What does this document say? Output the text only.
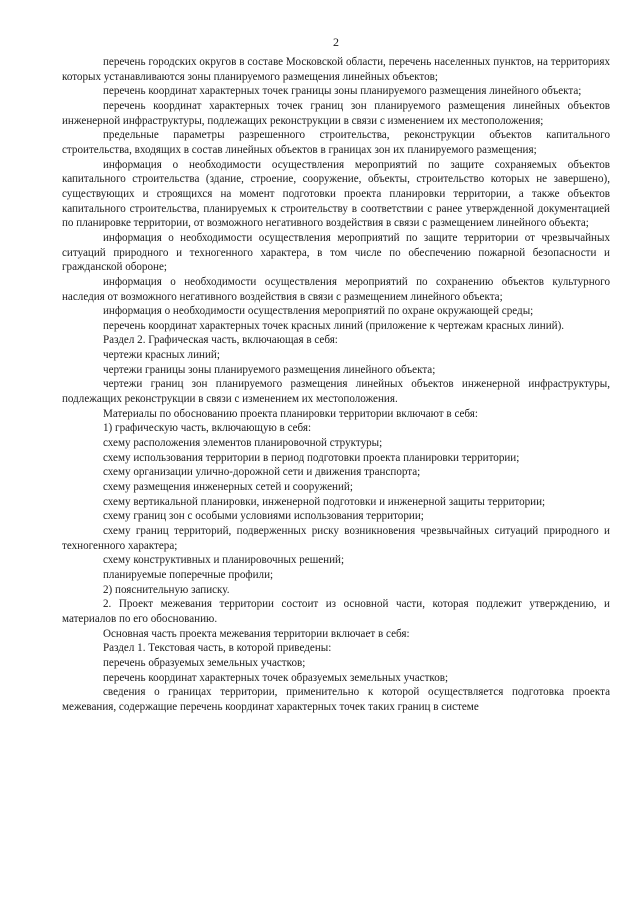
2

перечень городских округов в составе Московской области, перечень населенных пунктов, на территориях которых устанавливаются зоны планируемого размещения линейных объектов;

перечень координат характерных точек границы зоны планируемого размещения линейного объекта;

перечень координат характерных точек границ зон планируемого размещения линейных объектов инженерной инфраструктуры, подлежащих реконструкции в связи с изменением их местоположения;

предельные параметры разрешенного строительства, реконструкции объектов капитального строительства, входящих в состав линейных объектов в границах зон их планируемого размещения;

информация о необходимости осуществления мероприятий по защите сохраняемых объектов капитального строительства (здание, строение, сооружение, объекты, строительство которых не завершено), существующих и строящихся на момент подготовки проекта планировки территории, а также объектов капитального строительства, планируемых к строительству в соответствии с ранее утвержденной документацией по планировке территории, от возможного негативного воздействия в связи с размещением линейного объекта;

информация о необходимости осуществления мероприятий по защите территории от чрезвычайных ситуаций природного и техногенного характера, в том числе по обеспечению пожарной безопасности и гражданской обороне;

информация о необходимости осуществления мероприятий по сохранению объектов культурного наследия от возможного негативного воздействия в связи с размещением линейного объекта;

информация о необходимости осуществления мероприятий по охране окружающей среды;

перечень координат характерных точек красных линий (приложение к чертежам красных линий).

Раздел 2. Графическая часть, включающая в себя:

чертежи красных линий;

чертежи границы зоны планируемого размещения линейного объекта;

чертежи границ зон планируемого размещения линейных объектов инженерной инфраструктуры, подлежащих реконструкции в связи с изменением их местоположения.

Материалы по обоснованию проекта планировки территории включают в себя:

1) графическую часть, включающую в себя:

схему расположения элементов планировочной структуры;

схему использования территории в период подготовки проекта планировки территории;

схему организации улично-дорожной сети и движения транспорта;

схему размещения инженерных сетей и сооружений;

схему вертикальной планировки, инженерной подготовки и инженерной защиты территории;

схему границ зон с особыми условиями использования территории;

схему границ территорий, подверженных риску возникновения чрезвычайных ситуаций природного и техногенного характера;

схему конструктивных и планировочных решений;

планируемые поперечные профили;

2) пояснительную записку.

2. Проект межевания территории состоит из основной части, которая подлежит утверждению, и материалов по его обоснованию.

Основная часть проекта межевания территории включает в себя:

Раздел 1. Текстовая часть, в которой приведены:

перечень образуемых земельных участков;

перечень координат характерных точек образуемых земельных участков;

сведения о границах территории, применительно к которой осуществляется подготовка проекта межевания, содержащие перечень координат характерных точек таких границ в системе
